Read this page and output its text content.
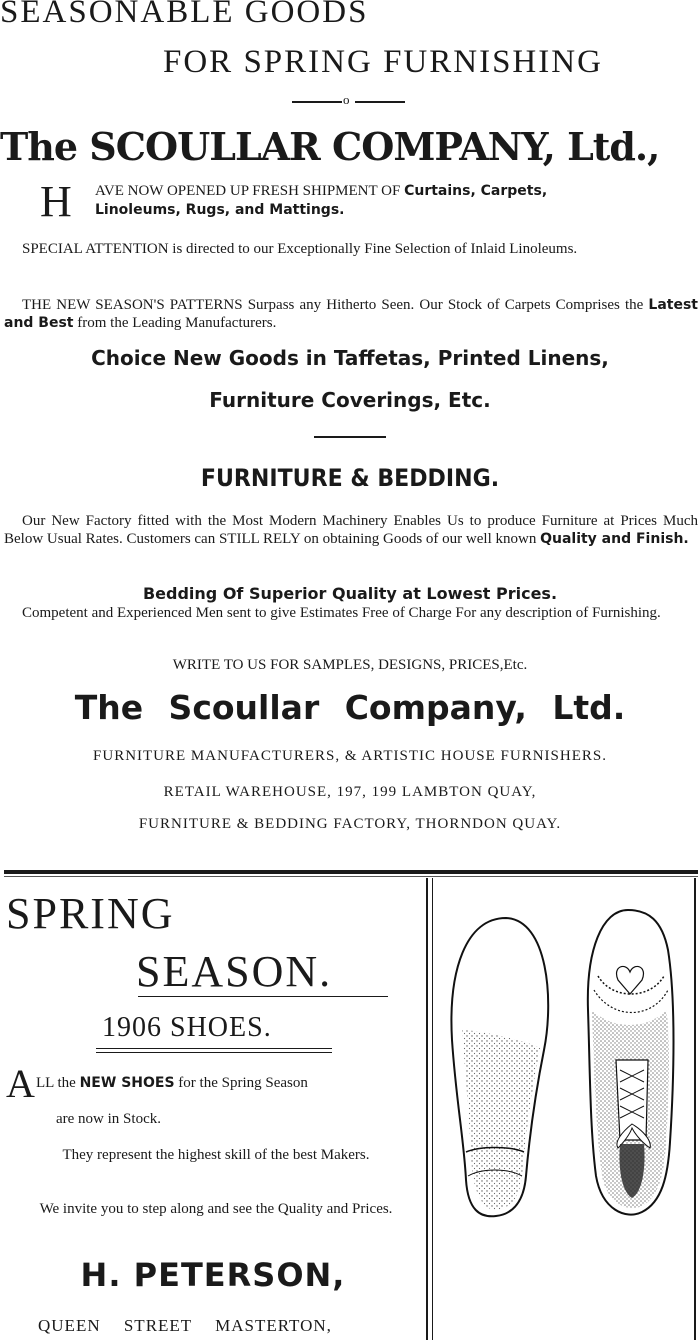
SEASONABLE GOODS
FOR SPRING FURNISHING
o
The SCOULLAR COMPANY, Ltd.,
H AVE NOW OPENED UP FRESH SHIPMENT OF Curtains, Carpets,
Linoleums, Rugs, and Mattings.

SPECIAL ATTENTION is directed to our Exceptionally Fine Selection of Inlaid Linoleums.

THE NEW SEASON'S PATTERNS Surpass any Hitherto Seen. Our Stock of Carpets Comprises the Latest and Best from the Leading Manufacturers.

Choice New Goods in Taffetas, Printed Linens,
Furniture Coverings, Etc.
FURNITURE & BEDDING.

Our New Factory fitted with the Most Modern Machinery Enables Us to produce Furniture at Prices Much Below Usual Rates. Customers can STILL RELY on obtaining Goods of our well known Quality and Finish.

Bedding Of Superior Quality at Lowest Prices.

Competent and Experienced Men sent to give Estimates Free of Charge For any description of Furnishing.

WRITE TO US FOR SAMPLES, DESIGNS, PRICES,Etc.
The Scoullar Company, Ltd.
FURNITURE MANUFACTURERS, & ARTISTIC HOUSE FURNISHERS.
RETAIL WAREHOUSE, 197, 199 LAMBTON QUAY,
FURNITURE & BEDDING FACTORY, THORNDON QUAY.
SPRING
SEASON.
1906 SHOES.
A LL the NEW SHOES for the Spring Season
are now in Stock.

They represent the highest skill of the best Makers.

We invite you to step along and see the Quality and Prices.

H. PETERSON,
QUEEN STREET MASTERTON,
